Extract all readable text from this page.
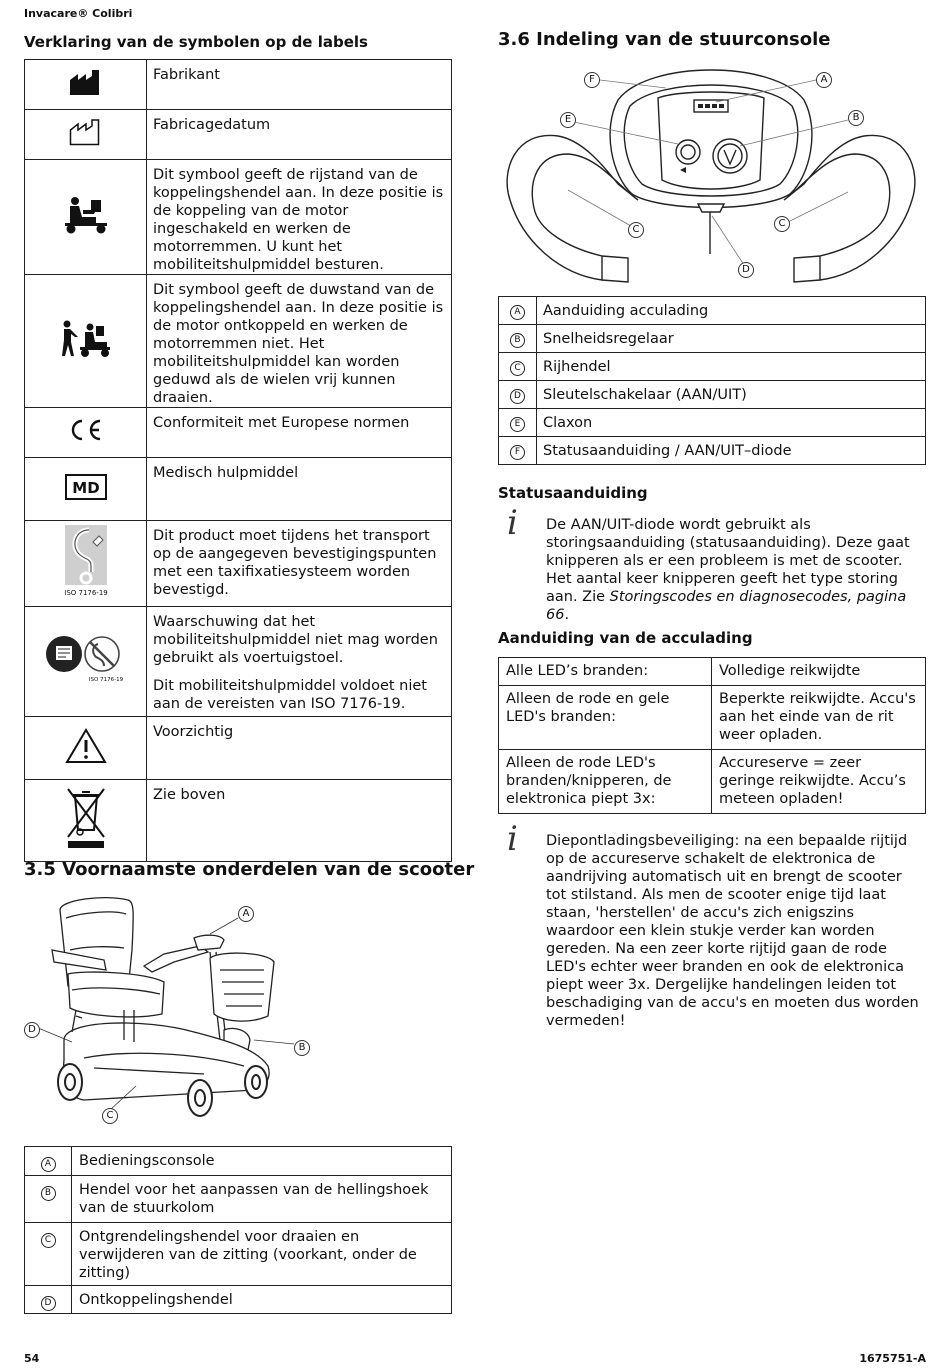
Invacare® Colibri
Verklaring van de symbolen op de labels

Fabrikant

Fabricagedatum

Dit symbool geeft de rijstand van de koppelingshendel aan. In deze positie is de koppeling van de motor ingeschakeld en werken de motorremmen. U kunt het mobiliteitshulpmiddel besturen.

Dit symbool geeft de duwstand van de koppelingshendel aan. In deze positie is de motor ontkoppeld en werken de motorremmen niet. Het mobiliteitshulpmiddel kan worden geduwd als de wielen vrij kunnen draaien.

Conformiteit met Europese normen

MD	Medisch hulpmiddel

ISO 7176-19	Dit product moet tijdens het transport op de aangegeven bevestigingspunten met een taxifixatiesysteem worden bevestigd.

ISO 7176-19	Waarschuwing dat het mobiliteitshulpmiddel niet mag worden gebruikt als voertuigstoel.

Dit mobiliteitshulpmiddel voldoet niet aan de vereisten van ISO 7176-19.

Voorzichtig

Zie boven

3.5 Voornaamste onderdelen van de scooter
A
B
C
D
A	Bedieningsconsole
B	Hendel voor het aanpassen van de hellingshoek van de stuurkolom
C	Ontgrendelingshendel voor draaien en verwijderen van de zitting (voorkant, onder de zitting)
D	Ontkoppelingshendel
3.6 Indeling van de stuurconsole
F	A
E	B
C
C
D
A	Aanduiding acculading
B	Snelheidsregelaar
C	Rijhendel
D	Sleutelschakelaar (AAN/UIT)
E	Claxon
F	Statusaanduiding / AAN/UIT–diode
Statusaanduiding
i De AAN/UIT-diode wordt gebruikt als storingsaanduiding (statusaanduiding). Deze gaat knipperen als er een probleem is met de scooter. Het aantal keer knipperen geeft het type storing aan. Zie Storingscodes en diagnosecodes, pagina 66.

Aanduiding van de acculading
Alle LED’s branden:	Volledige reikwijdte
Alleen de rode en gele LED's branden:	Beperkte reikwijdte. Accu's aan het einde van de rit weer opladen.
Alleen de rode LED's branden/knipperen, de elektronica piept 3x:	Accureserve = zeer geringe reikwijdte. Accu’s meteen opladen!
i Diepontladingsbeveiliging: na een bepaalde rijtijd op de accureserve schakelt de elektronica de aandrijving automatisch uit en brengt de scooter tot stilstand. Als men de scooter enige tijd laat staan, 'herstellen' de accu's zich enigszins waardoor een klein stukje verder kan worden gereden. Na een zeer korte rijtijd gaan de rode LED's echter weer branden en ook de elektronica piept weer 3x. Dergelijke handelingen leiden tot beschadiging van de accu's en moeten dus worden vermeden!

54	1675751-A
